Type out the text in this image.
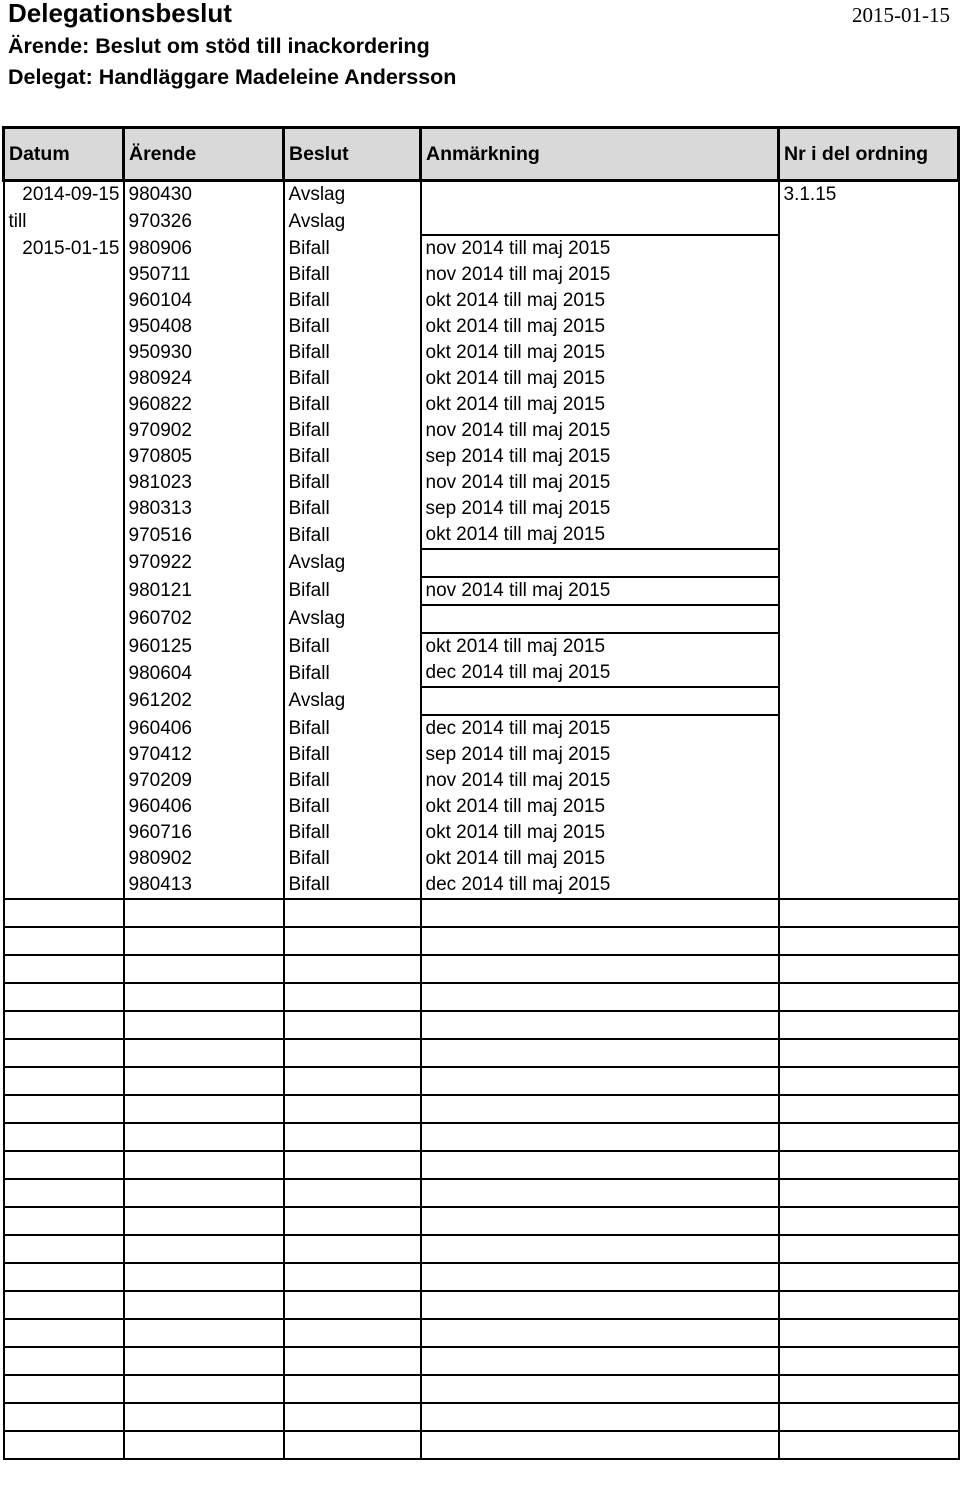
Delegationsbeslut	2015-01-15
Ärende: Beslut om stöd till inackordering
Delegat: Handläggare Madeleine Andersson
Datum	Ärende	Beslut	Anmärkning	Nr i del ordning
2014-09-15	980430	Avslag		3.1.15
till	970326	Avslag		
2015-01-15	980906	Bifall	nov 2014 till maj 2015	
	950711	Bifall	nov 2014 till maj 2015	
	960104	Bifall	okt 2014 till maj 2015	
	950408	Bifall	okt 2014 till maj 2015	
	950930	Bifall	okt 2014 till maj 2015	
	980924	Bifall	okt 2014 till maj 2015	
	960822	Bifall	okt 2014 till maj 2015	
	970902	Bifall	nov 2014 till maj 2015	
	970805	Bifall	sep 2014 till maj 2015	
	981023	Bifall	nov 2014 till maj 2015	
	980313	Bifall	sep 2014 till maj 2015	
	970516	Bifall	okt 2014 till maj 2015	
	970922	Avslag		
	980121	Bifall	nov 2014 till maj 2015	
	960702	Avslag		
	960125	Bifall	okt 2014 till maj 2015	
	980604	Bifall	dec 2014 till maj 2015	
	961202	Avslag		
	960406	Bifall	dec 2014 till maj 2015	
	970412	Bifall	sep 2014 till maj 2015	
	970209	Bifall	nov 2014 till maj 2015	
	960406	Bifall	okt 2014 till maj 2015	
	960716	Bifall	okt 2014 till maj 2015	
	980902	Bifall	okt 2014 till maj 2015	
	980413	Bifall	dec 2014 till maj 2015	
